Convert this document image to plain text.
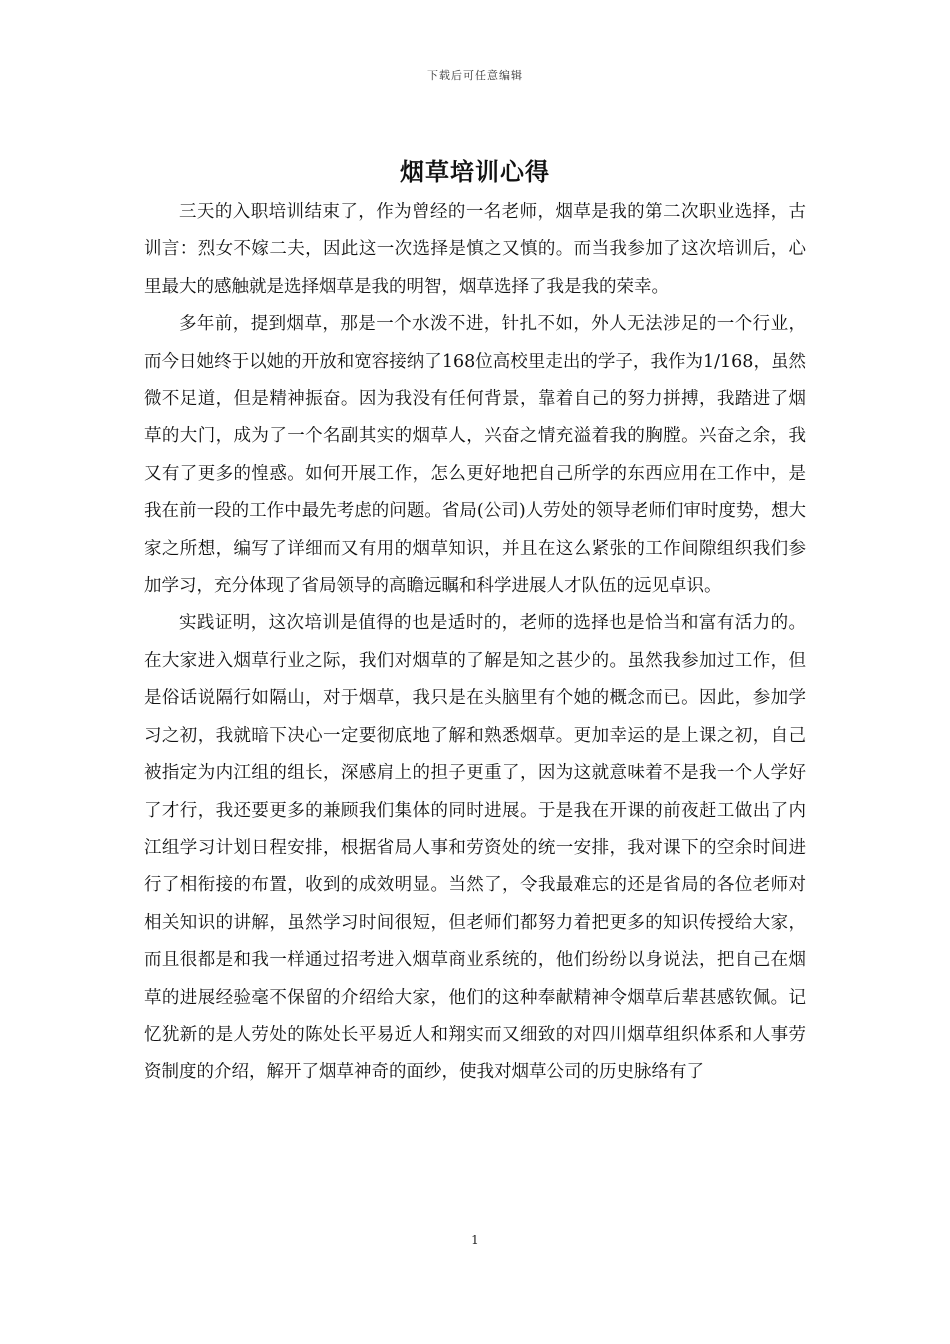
下载后可任意编辑
烟草培训心得

三天的入职培训结束了，作为曾经的一名老师，烟草是我的第二次职业选择，古训言：烈女不嫁二夫，因此这一次选择是慎之又慎的。而当我参加了这次培训后，心里最大的感触就是选择烟草是我的明智，烟草选择了我是我的荣幸。

多年前，提到烟草，那是一个水泼不进，针扎不如，外人无法涉足的一个行业，而今日她终于以她的开放和宽容接纳了168位高校里走出的学子，我作为1/168，虽然微不足道，但是精神振奋。因为我没有任何背景，靠着自己的努力拼搏，我踏进了烟草的大门，成为了一个名副其实的烟草人，兴奋之情充溢着我的胸膛。兴奋之余，我又有了更多的惶惑。如何开展工作，怎么更好地把自己所学的东西应用在工作中，是我在前一段的工作中最先考虑的问题。省局(公司)人劳处的领导老师们审时度势，想大家之所想，编写了详细而又有用的烟草知识，并且在这么紧张的工作间隙组织我们参加学习，充分体现了省局领导的高瞻远瞩和科学进展人才队伍的远见卓识。

实践证明，这次培训是值得的也是适时的，老师的选择也是恰当和富有活力的。在大家进入烟草行业之际，我们对烟草的了解是知之甚少的。虽然我参加过工作，但是俗话说隔行如隔山，对于烟草，我只是在头脑里有个她的概念而已。因此，参加学习之初，我就暗下决心一定要彻底地了解和熟悉烟草。更加幸运的是上课之初，自己被指定为内江组的组长，深感肩上的担子更重了，因为这就意味着不是我一个人学好了才行，我还要更多的兼顾我们集体的同时进展。于是我在开课的前夜赶工做出了内江组学习计划日程安排，根据省局人事和劳资处的统一安排，我对课下的空余时间进行了相衔接的布置，收到的成效明显。当然了，令我最难忘的还是省局的各位老师对相关知识的讲解，虽然学习时间很短，但老师们都努力着把更多的知识传授给大家，而且很都是和我一样通过招考进入烟草商业系统的，他们纷纷以身说法，把自己在烟草的进展经验毫不保留的介绍给大家，他们的这种奉献精神令烟草后辈甚感钦佩。记忆犹新的是人劳处的陈处长平易近人和翔实而又细致的对四川烟草组织体系和人事劳资制度的介绍，解开了烟草神奇的面纱，使我对烟草公司的历史脉络有了

1
